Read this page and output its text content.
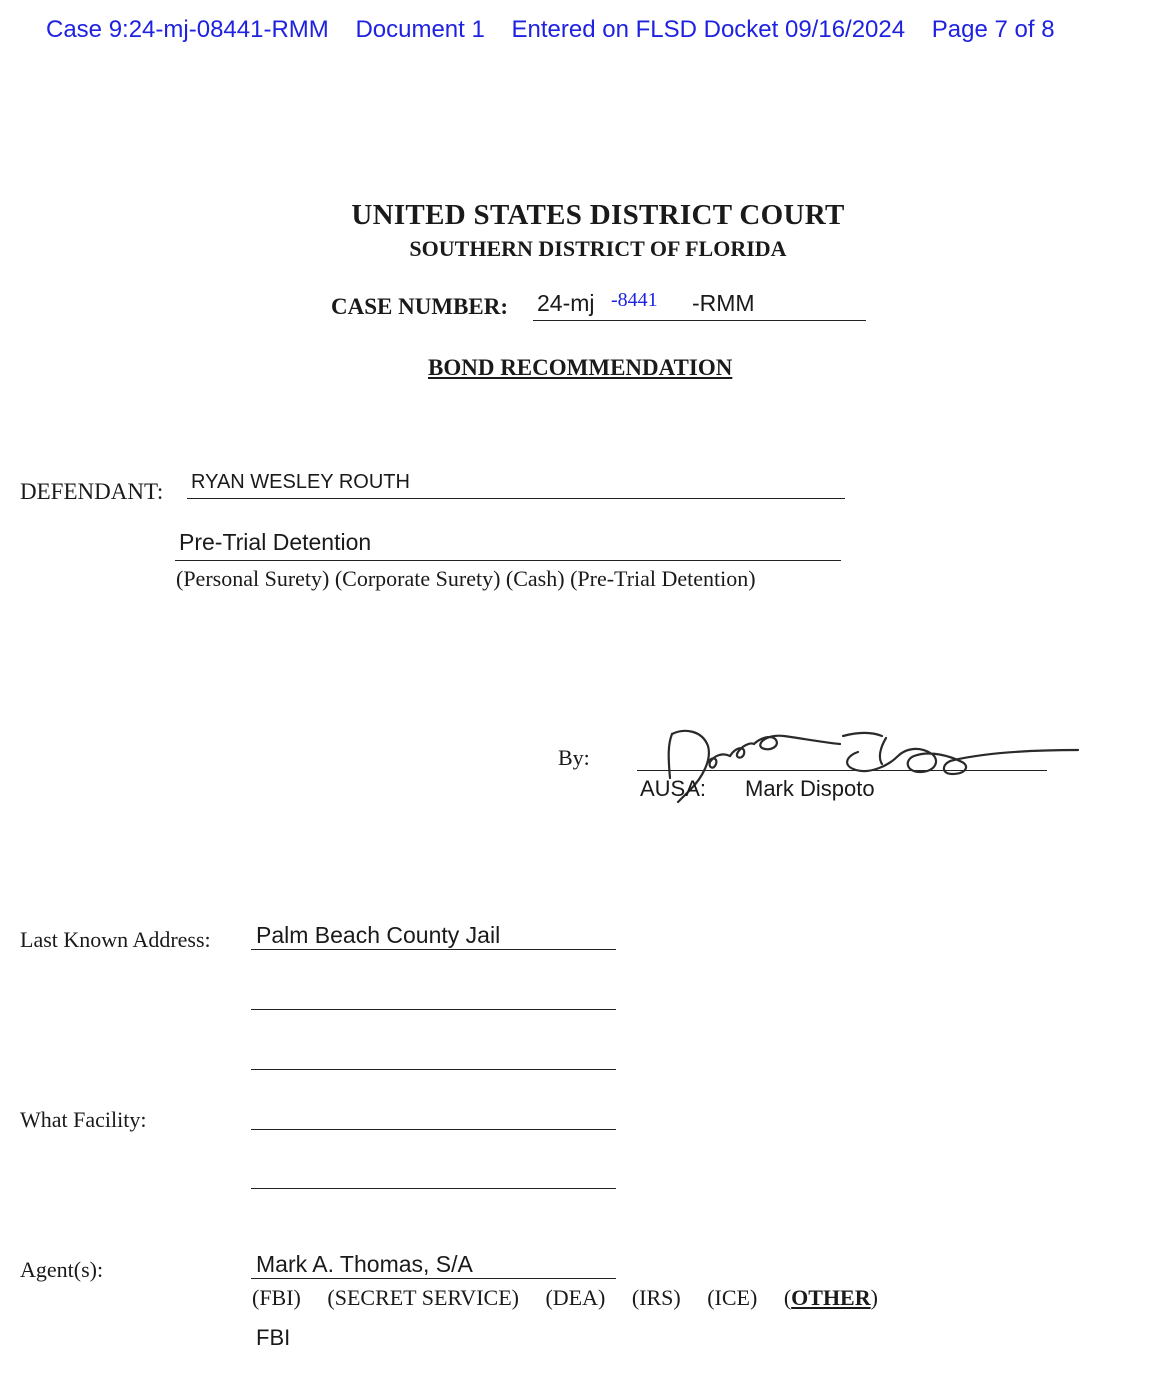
Case 9:24-mj-08441-RMM Document 1 Entered on FLSD Docket 09/16/2024 Page 7 of 8
UNITED STATES DISTRICT COURT
SOUTHERN DISTRICT OF FLORIDA
CASE NUMBER: 24-mj -8441 -RMM
BOND RECOMMENDATION
DEFENDANT: RYAN WESLEY ROUTH
Pre-Trial Detention
(Personal Surety) (Corporate Surety) (Cash) (Pre-Trial Detention)
By:
AUSA: Mark Dispoto
Last Known Address: Palm Beach County Jail
What Facility:
Agent(s):	Mark A. Thomas, S/A
(FBI) (SECRET SERVICE) (DEA) (IRS) (ICE) (OTHER)
FBI
